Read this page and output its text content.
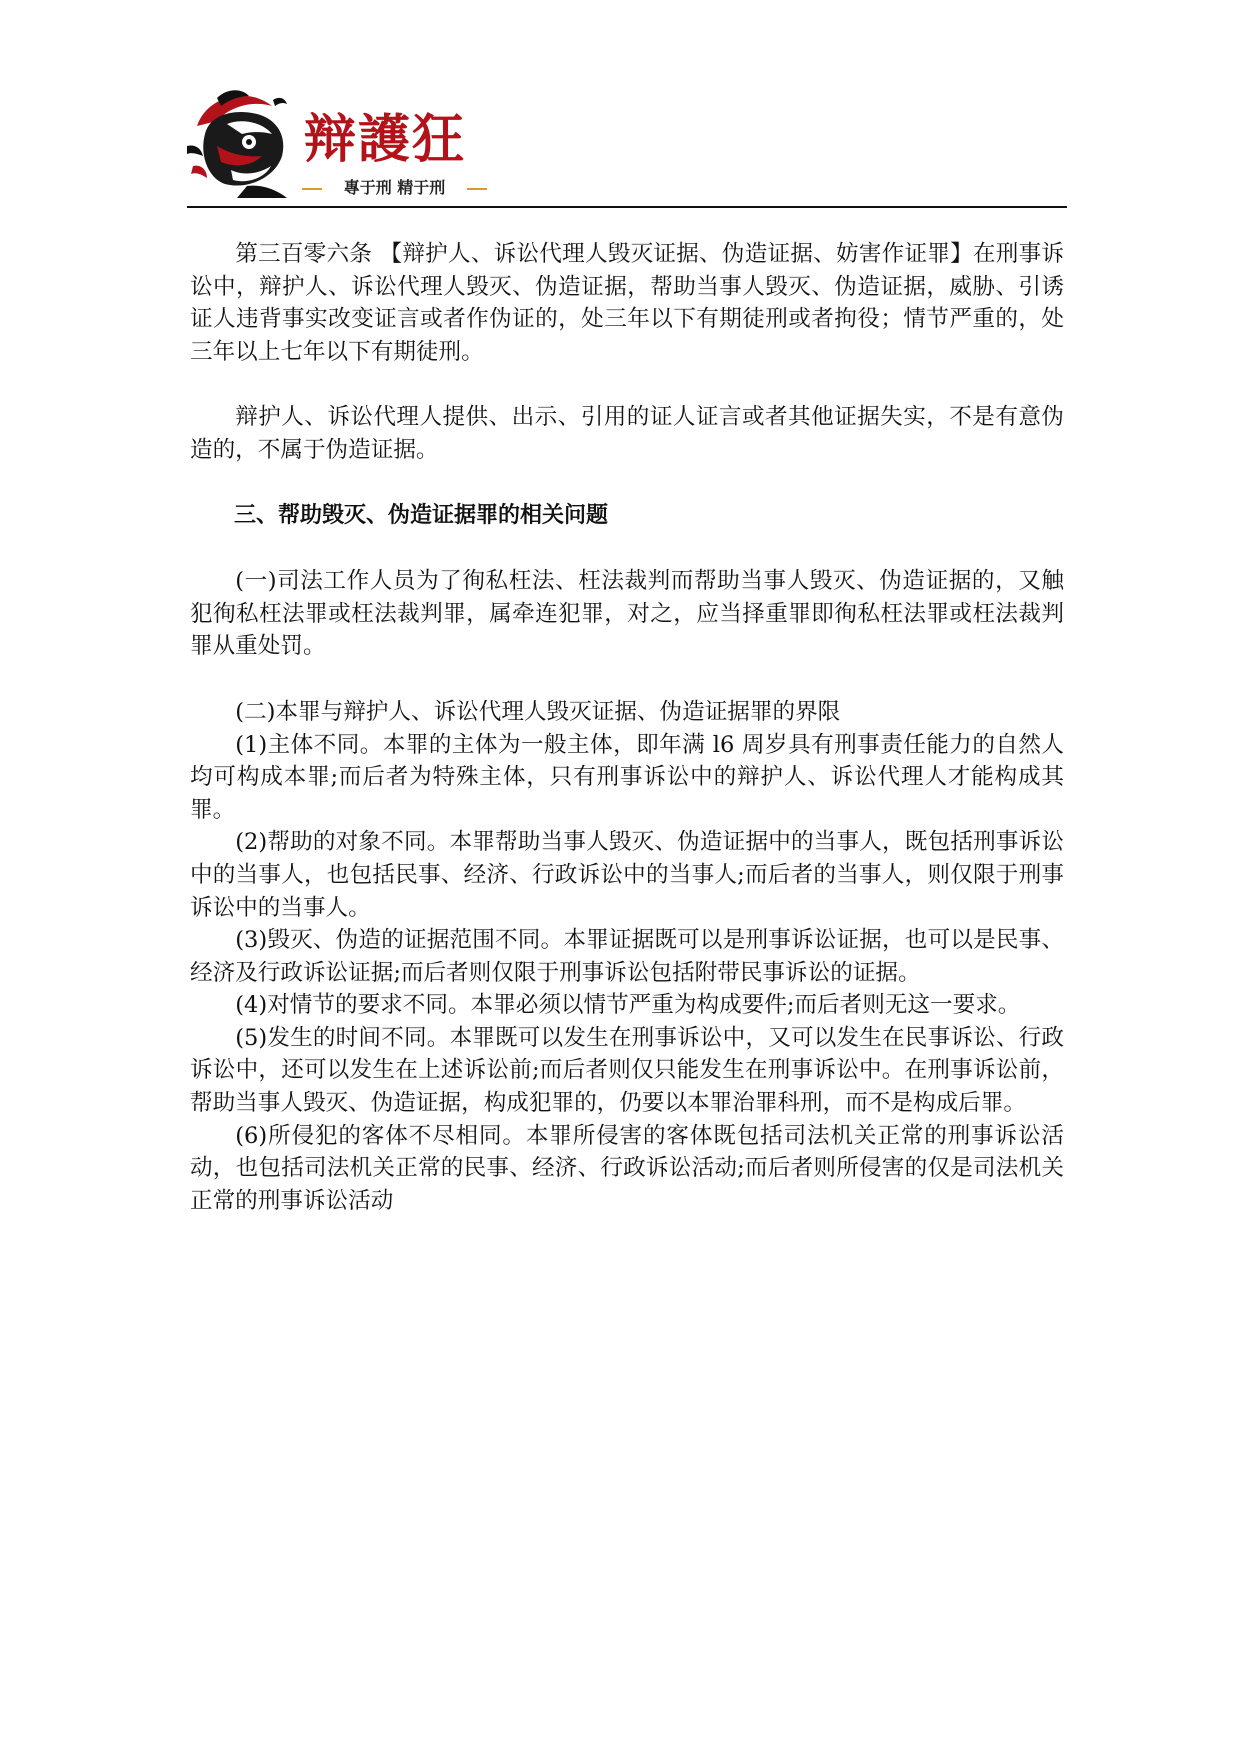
辩護狂
專于刑 精于刑

第三百零六条 【辩护人、诉讼代理人毁灭证据、伪造证据、妨害作证罪】在刑事诉讼中，辩护人、诉讼代理人毁灭、伪造证据，帮助当事人毁灭、伪造证据，威胁、引诱证人违背事实改变证言或者作伪证的，处三年以下有期徒刑或者拘役；情节严重的，处三年以上七年以下有期徒刑。

辩护人、诉讼代理人提供、出示、引用的证人证言或者其他证据失实，不是有意伪造的，不属于伪造证据。

三、帮助毁灭、伪造证据罪的相关问题

(一)司法工作人员为了徇私枉法、枉法裁判而帮助当事人毁灭、伪造证据的，又触犯徇私枉法罪或枉法裁判罪，属牵连犯罪，对之，应当择重罪即徇私枉法罪或枉法裁判罪从重处罚。

(二)本罪与辩护人、诉讼代理人毁灭证据、伪造证据罪的界限

(1)主体不同。本罪的主体为一般主体，即年满 l6 周岁具有刑事责任能力的自然人均可构成本罪;而后者为特殊主体，只有刑事诉讼中的辩护人、诉讼代理人才能构成其罪。

(2)帮助的对象不同。本罪帮助当事人毁灭、伪造证据中的当事人，既包括刑事诉讼中的当事人，也包括民事、经济、行政诉讼中的当事人;而后者的当事人，则仅限于刑事诉讼中的当事人。

(3)毁灭、伪造的证据范围不同。本罪证据既可以是刑事诉讼证据，也可以是民事、经济及行政诉讼证据;而后者则仅限于刑事诉讼包括附带民事诉讼的证据。

(4)对情节的要求不同。本罪必须以情节严重为构成要件;而后者则无这一要求。

(5)发生的时间不同。本罪既可以发生在刑事诉讼中，又可以发生在民事诉讼、行政诉讼中，还可以发生在上述诉讼前;而后者则仅只能发生在刑事诉讼中。在刑事诉讼前，帮助当事人毁灭、伪造证据，构成犯罪的，仍要以本罪治罪科刑，而不是构成后罪。

(6)所侵犯的客体不尽相同。本罪所侵害的客体既包括司法机关正常的刑事诉讼活动，也包括司法机关正常的民事、经济、行政诉讼活动;而后者则所侵害的仅是司法机关正常的刑事诉讼活动
